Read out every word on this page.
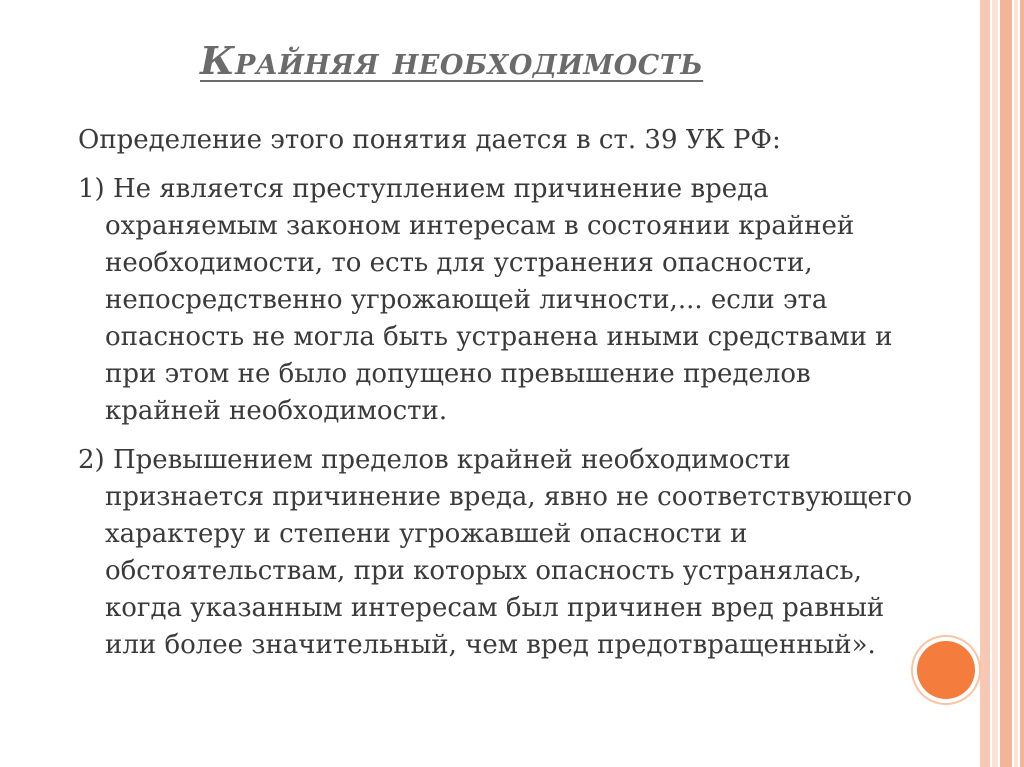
Крайняя необходимость

Определение этого понятия дается в ст. 39 УК РФ:

1) Не является преступлением причинение вреда охраняемым законом интересам в состоянии крайней необходимости, то есть для устранения опасности, непосредственно угрожающей личности,... если эта опасность не могла быть устранена иными средствами и при этом не было допущено превышение пределов крайней необходимости.

2) Превышением пределов крайней необходимости признается причинение вреда, явно не соответствующего характеру и степени угрожавшей опасности и обстоятельствам, при которых опасность устранялась, когда указанным интересам был причинен вред равный или более значительный, чем вред предотвращенный».
